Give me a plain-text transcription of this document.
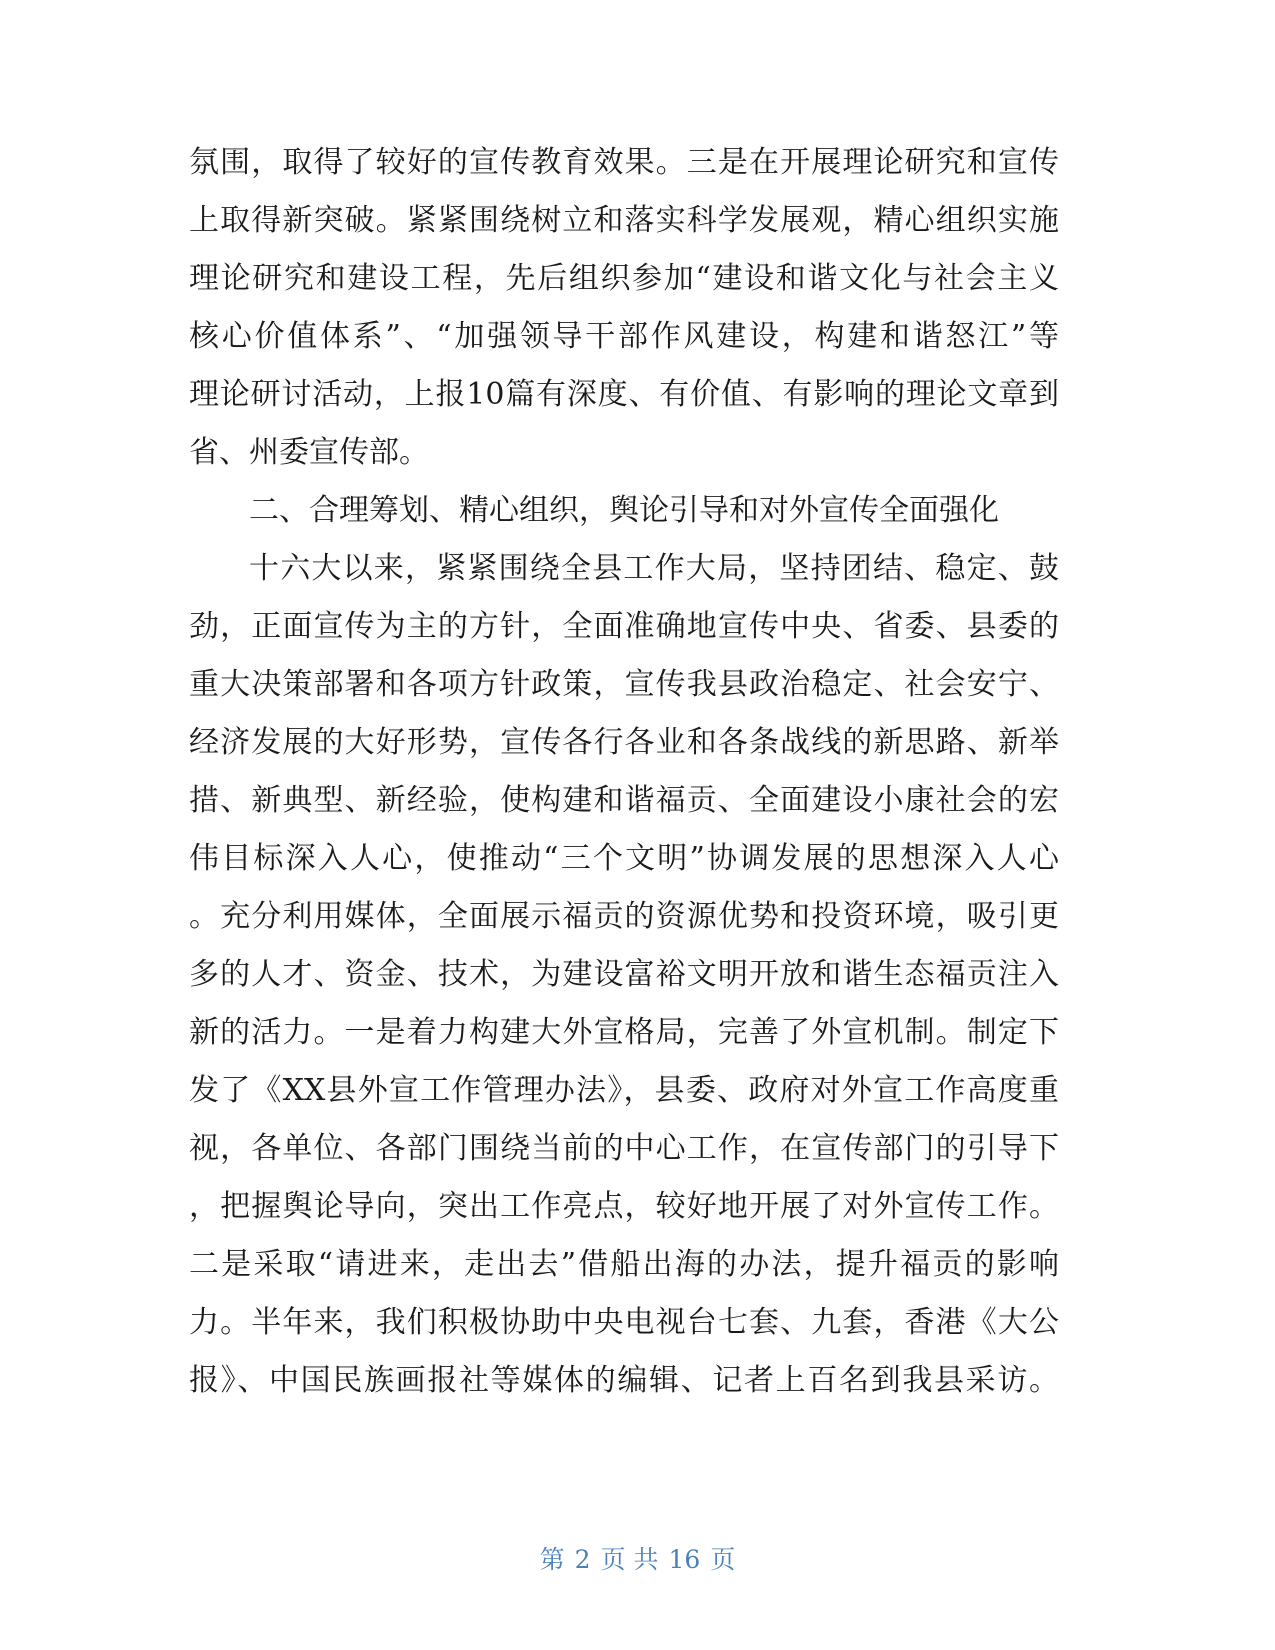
氛围，取得了较好的宣传教育效果。三是在开展理论研究和宣传
上取得新突破。紧紧围绕树立和落实科学发展观，精心组织实施
理论研究和建设工程，先后组织参加“建设和谐文化与社会主义
核心价值体系”、“加强领导干部作风建设，构建和谐怒江”等
理论研讨活动，上报10篇有深度、有价值、有影响的理论文章到
省、州委宣传部。
二、合理筹划、精心组织，舆论引导和对外宣传全面强化
十六大以来，紧紧围绕全县工作大局，坚持团结、稳定、鼓
劲，正面宣传为主的方针，全面准确地宣传中央、省委、县委的
重大决策部署和各项方针政策，宣传我县政治稳定、社会安宁、
经济发展的大好形势，宣传各行各业和各条战线的新思路、新举
措、新典型、新经验，使构建和谐福贡、全面建设小康社会的宏
伟目标深入人心，使推动“三个文明”协调发展的思想深入人心
。充分利用媒体，全面展示福贡的资源优势和投资环境，吸引更
多的人才、资金、技术，为建设富裕文明开放和谐生态福贡注入
新的活力。一是着力构建大外宣格局，完善了外宣机制。制定下
发了《XX县外宣工作管理办法》，县委、政府对外宣工作高度重
视，各单位、各部门围绕当前的中心工作，在宣传部门的引导下
，把握舆论导向，突出工作亮点，较好地开展了对外宣传工作。
二是采取“请进来，走出去”借船出海的办法，提升福贡的影响
力。半年来，我们积极协助中央电视台七套、九套，香港《大公
报》、中国民族画报社等媒体的编辑、记者上百名到我县采访。
第 2 页 共 16 页
